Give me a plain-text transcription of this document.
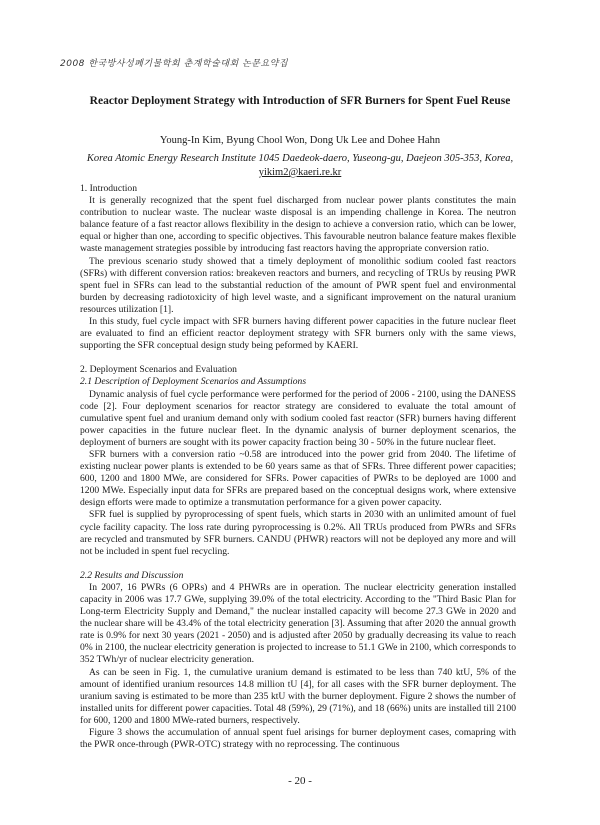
2008 한국방사성폐기물학회 춘계학술대회 논문요약집
Reactor Deployment Strategy with Introduction of SFR Burners for Spent Fuel Reuse
Young-In Kim, Byung Chool Won, Dong Uk Lee and Dohee Hahn
Korea Atomic Energy Research Institute 1045 Daedeok-daero, Yuseong-gu, Daejeon 305-353, Korea,
yikim2@kaeri.re.kr
1. Introduction

It is generally recognized that the spent fuel discharged from nuclear power plants constitutes the main contribution to nuclear waste. The nuclear waste disposal is an impending challenge in Korea. The neutron balance feature of a fast reactor allows flexibility in the design to achieve a conversion ratio, which can be lower, equal or higher than one, according to specific objectives. This favourable neutron balance feature makes flexible waste management strategies possible by introducing fast reactors having the appropriate conversion ratio.

The previous scenario study showed that a timely deployment of monolithic sodium cooled fast reactors (SFRs) with different conversion ratios: breakeven reactors and burners, and recycling of TRUs by reusing PWR spent fuel in SFRs can lead to the substantial reduction of the amount of PWR spent fuel and environmental burden by decreasing radiotoxicity of high level waste, and a significant improvement on the natural uranium resources utilization [1].

In this study, fuel cycle impact with SFR burners having different power capacities in the future nuclear fleet are evaluated to find an efficient reactor deployment strategy with SFR burners only with the same views, supporting the SFR conceptual design study being peformed by KAERI.

2. Deployment Scenarios and Evaluation
2.1 Description of Deployment Scenarios and Assumptions

Dynamic analysis of fuel cycle performance were performed for the period of 2006 - 2100, using the DANESS code [2]. Four deployment scenarios for reactor strategy are considered to evaluate the total amount of cumulative spent fuel and uranium demand only with sodium cooled fast reactor (SFR) burners having different power capacities in the future nuclear fleet. In the dynamic analysis of burner deployment scenarios, the deployment of burners are sought with its power capacity fraction being 30 - 50% in the future nuclear fleet.

SFR burners with a conversion ratio ~0.58 are introduced into the power grid from 2040. The lifetime of existing nuclear power plants is extended to be 60 years same as that of SFRs. Three different power capacities; 600, 1200 and 1800 MWe, are considered for SFRs. Power capacities of PWRs to be deployed are 1000 and 1200 MWe. Especially input data for SFRs are prepared based on the conceptual designs work, where extensive design efforts were made to optimize a transmutation performance for a given power capacity.

SFR fuel is supplied by pyroprocessing of spent fuels, which starts in 2030 with an unlimited amount of fuel cycle facility capacity. The loss rate during pyroprocessing is 0.2%. All TRUs produced from PWRs and SFRs are recycled and transmuted by SFR burners. CANDU (PHWR) reactors will not be deployed any more and will not be included in spent fuel recycling.

2.2 Results and Discussion

In 2007, 16 PWRs (6 OPRs) and 4 PHWRs are in operation. The nuclear electricity generation installed capacity in 2006 was 17.7 GWe, supplying 39.0% of the total electricity. According to the "Third Basic Plan for Long-term Electricity Supply and Demand," the nuclear installed capacity will become 27.3 GWe in 2020 and the nuclear share will be 43.4% of the total electricity generation [3]. Assuming that after 2020 the annual growth rate is 0.9% for next 30 years (2021 - 2050) and is adjusted after 2050 by gradually decreasing its value to reach 0% in 2100, the nuclear electricity generation is projected to increase to 51.1 GWe in 2100, which corresponds to 352 TWh/yr of nuclear electricity generation.

As can be seen in Fig. 1, the cumulative uranium demand is estimated to be less than 740 ktU, 5% of the amount of identified uranium resources 14.8 million tU [4], for all cases with the SFR burner deployment. The uranium saving is estimated to be more than 235 ktU with the burner deployment. Figure 2 shows the number of installed units for different power capacities. Total 48 (59%), 29 (71%), and 18 (66%) units are installed till 2100 for 600, 1200 and 1800 MWe-rated burners, respectively.

Figure 3 shows the accumulation of annual spent fuel arisings for burner deployment cases, comapring with the PWR once-through (PWR-OTC) strategy with no reprocessing. The continuous

- 20 -
